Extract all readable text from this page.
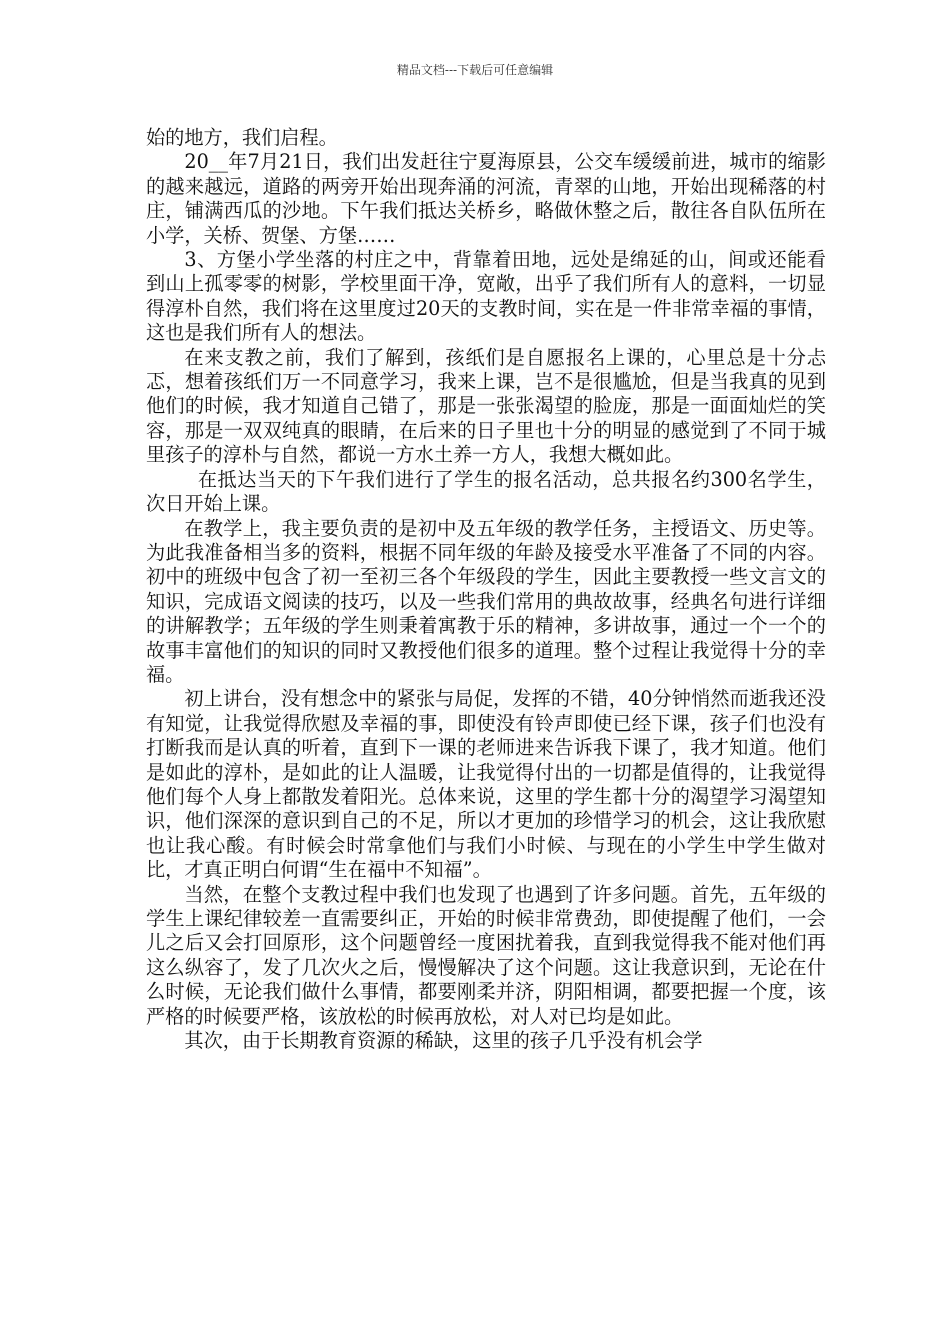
精品文档---下载后可任意编辑

始的地方，我们启程。

20__年7月21日，我们出发赶往宁夏海原县，公交车缓缓前进，城市的缩影的越来越远，道路的两旁开始出现奔涌的河流，青翠的山地，开始出现稀落的村庄，铺满西瓜的沙地。下午我们抵达关桥乡，略做休整之后，散往各自队伍所在小学，关桥、贺堡、方堡……

3、方堡小学坐落的村庄之中，背靠着田地，远处是绵延的山，间或还能看到山上孤零零的树影，学校里面干净，宽敞，出乎了我们所有人的意料，一切显得淳朴自然，我们将在这里度过20天的支教时间，实在是一件非常幸福的事情，这也是我们所有人的想法。

在来支教之前，我们了解到，孩纸们是自愿报名上课的，心里总是十分忐忑，想着孩纸们万一不同意学习，我来上课，岂不是很尴尬，但是当我真的见到他们的时候，我才知道自己错了，那是一张张渴望的脸庞，那是一面面灿烂的笑容，那是一双双纯真的眼睛，在后来的日子里也十分的明显的感觉到了不同于城里孩子的淳朴与自然，都说一方水土养一方人，我想大概如此。

在抵达当天的下午我们进行了学生的报名活动，总共报名约300名学生，次日开始上课。

在教学上，我主要负责的是初中及五年级的教学任务，主授语文、历史等。为此我准备相当多的资料，根据不同年级的年龄及接受水平准备了不同的内容。初中的班级中包含了初一至初三各个年级段的学生，因此主要教授一些文言文的知识，完成语文阅读的技巧，以及一些我们常用的典故故事，经典名句进行详细的讲解教学；五年级的学生则秉着寓教于乐的精神，多讲故事，通过一个一个的故事丰富他们的知识的同时又教授他们很多的道理。整个过程让我觉得十分的幸福。

初上讲台，没有想念中的紧张与局促，发挥的不错，40分钟悄然而逝我还没有知觉，让我觉得欣慰及幸福的事，即使没有铃声即使已经下课，孩子们也没有打断我而是认真的听着，直到下一课的老师进来告诉我下课了，我才知道。他们是如此的淳朴，是如此的让人温暖，让我觉得付出的一切都是值得的，让我觉得他们每个人身上都散发着阳光。总体来说，这里的学生都十分的渴望学习渴望知识，他们深深的意识到自己的不足，所以才更加的珍惜学习的机会，这让我欣慰也让我心酸。有时候会时常拿他们与我们小时候、与现在的小学生中学生做对比，才真正明白何谓“生在福中不知福”。

当然，在整个支教过程中我们也发现了也遇到了许多问题。首先，五年级的学生上课纪律较差一直需要纠正，开始的时候非常费劲，即使提醒了他们，一会儿之后又会打回原形，这个问题曾经一度困扰着我，直到我觉得我不能对他们再这么纵容了，发了几次火之后，慢慢解决了这个问题。这让我意识到，无论在什么时候，无论我们做什么事情，都要刚柔并济，阴阳相调，都要把握一个度，该严格的时候要严格，该放松的时候再放松，对人对已均是如此。

其次，由于长期教育资源的稀缺，这里的孩子几乎没有机会学
